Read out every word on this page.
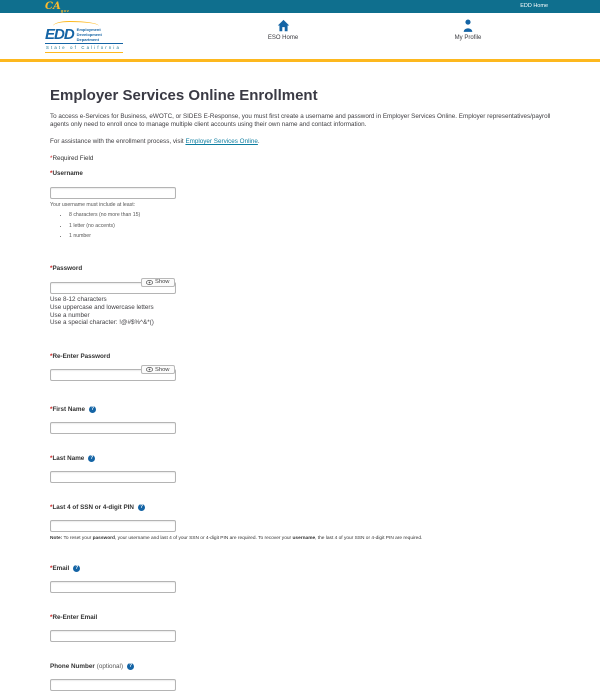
$CA_{gov}$
EDD Home
EDD Employment
Development
Department
State of California
ESO Home	My Profile
Employer Services Online Enrollment

To access e-Services for Business, eWOTC, or SIDES E-Response, you must first create a username and password in Employer Services Online. Employer representatives/payroll agents only need to enroll once to manage multiple client accounts using their own name and contact information.

For assistance with the enrollment process, visit Employer Services Online.

*Required Field

* Username
Your username must include at least:
• 8 characters (no more than 15)
• 1 letter (no accents)
• 1 number
* Password
Show
Use 8-12 characters
Use uppercase and lowercase letters
Use a number
Use a special character: !@#$%^&*()
* Re-Enter Password
Show
* First Name	?
* Last Name	?
* Last 4 of SSN or 4-digit PIN	?
Note: To reset your password, your username and last 4 of your SSN or 4-digit PIN are required. To recover your username, the last 4 of your SSN or 4-digit PIN are required.
* Email	?
* Re-Enter Email
Phone Number (optional)	?
